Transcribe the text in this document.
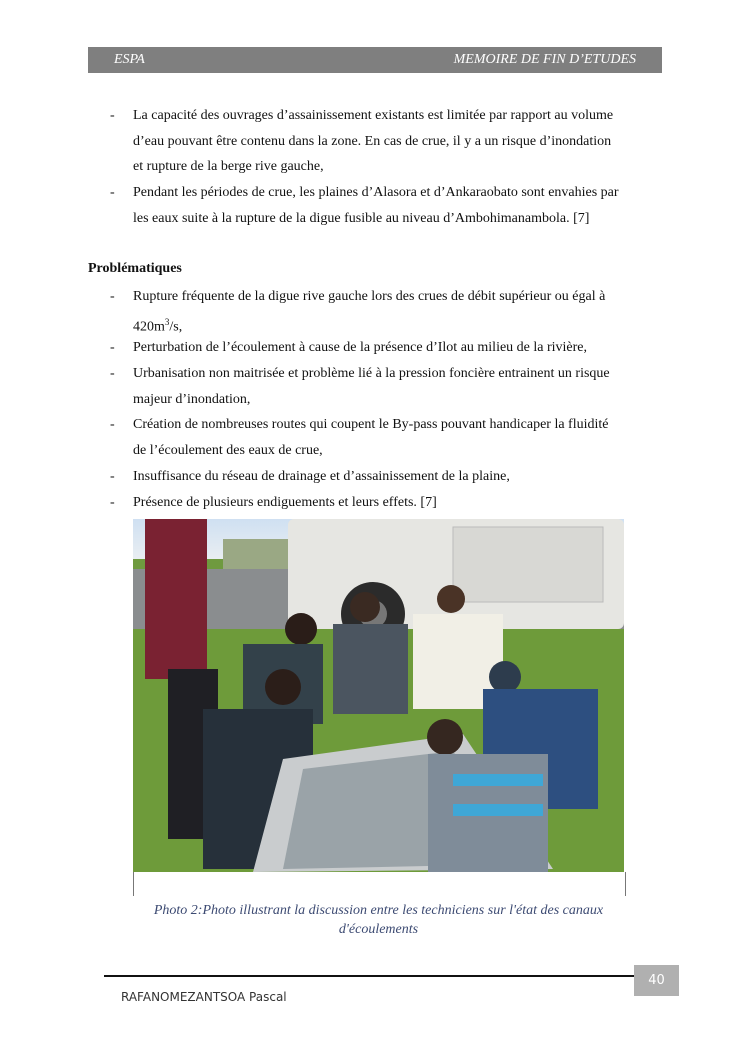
ESPA	MEMOIRE DE FIN D’ETUDES
- La capacité des ouvrages d’assainissement existants est limitée par rapport au volume
d’eau pouvant être contenu dans la zone. En cas de crue, il y a un risque d’inondation
et rupture de la berge rive gauche,
- Pendant les périodes de crue, les plaines d’Alasora et d’Ankaraobato sont envahies par
les eaux suite à la rupture de la digue fusible au niveau d’Ambohimanambola. [7]
Problématiques
- Rupture fréquente de la digue rive gauche lors des crues de débit supérieur ou égal à
$420m^3/s$,
- Perturbation de l’écoulement à cause de la présence d’Ilot au milieu de la rivière,
- Urbanisation non maitrisée et problème lié à la pression foncière entrainent un risque
majeur d’inondation,
- Création de nombreuses routes qui coupent le By-pass pouvant handicaper la fluidité
de l’écoulement des eaux de crue,
- Insuffisance du réseau de drainage et d’assainissement de la plaine,
- Présence de plusieurs endiguements et leurs effets. [7]
Photo 2:Photo illustrant la discussion entre les techniciens sur l'état des canaux
d'écoulements
40
RAFANOMEZANTSOA Pascal
